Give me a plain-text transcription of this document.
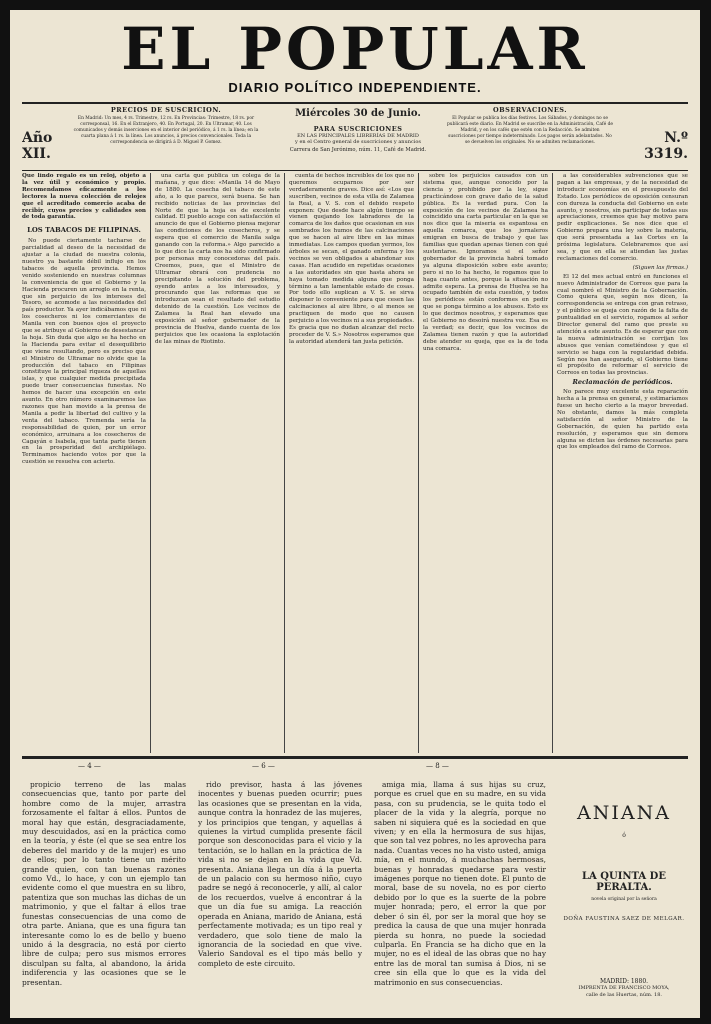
EL POPULAR
DIARIO POLÍTICO INDEPENDIENTE.
Año XII.
PRECIOS DE SUSCRICION.
En Madrid: Un mes, 4 rs. Trimestre, 12 rs. En Provincias: Trimestre, 18 rs. por corresponsal, 16. En el Extranjero, 40. En Portugal, 20. En Ultramar, 40. Los comunicados y demás inserciones en el interior del periódico, á 1 rs. la línea; en la cuarta plana á 1 rs. la línea. Los anuncios, á precios convencionales. Toda la correspondencia se dirigirá á D. Miguel P. Gomez.
Miércoles 30 de Junio.
PARA SUSCRICIONES
EN LAS PRINCIPALES LIBRERÍAS DE MADRID
y en el Centro general de suscriciones y anuncios
Carrera de San Jerónimo, núm. 11, Café de Madrid.
OBSERVACIONES.
El Popular se publica los días festivos. Los Sábados, y domingos no se publicará este diario. En Madrid se suscribe en la Administración, Café de Madrid, y en los cafés que estén con la Redacción. Se admiten suscriciones por tiempo indeterminado. Los pagos serán adelantados. No se devuelven los originales. No se admiten reclamaciones.	N.º 3319.

Que lindo regalo es un reloj, objeto a la vez útil y económico y propio. Recomendamos eficazmente a los lectores la nueva colección de relojes que el acreditado comercio acaba de recibir, cuyos precios y calidades son de toda garantía.

LOS TABACOS DE FILIPINAS.

No puede ciertamente tacharse de parcialidad al deseo de la necesidad de ajustar a la ciudad de nuestra colonia, nuestro ya bastante débil influjo en los tabacos de aquella provincia. Hemos venido sosteniendo en nuestras columnas la conveniencia de que el Gobierno y la Hacienda procuren un arreglo en la renta, que sin perjuicio de los intereses del Tesoro, se acomode a las necesidades del país productor. Ya ayer indicábamos que ni los cosecheros ni los comerciantes de Manila ven con buenos ojos el proyecto que se atribuye al Gobierno de desestancar la hoja. Sin duda que algo se ha hecho en la Hacienda para evitar el desequilibrio que viene resultando, pero es preciso que el Ministro de Ultramar no olvide que la producción del tabaco en Filipinas constituye la principal riqueza de aquellas islas, y que cualquier medida precipitada puede traer consecuencias funestas. No hemos de hacer una excepción en este asunto. En otro número examinaremos las razones que han movido a la prensa de Manila a pedir la libertad del cultivo y la venta del tabaco. Tremenda sería la responsabilidad de quien, por un error económico, arruinara a los cosecheros de Cagayán e Isabela, que tanta parte tienen en la prosperidad del archipiélago. Terminamos haciendo votos por que la cuestión se resuelva con acierto.

una carta que publica un colega de la mañana, y que dice: «Manila 14 de Mayo de 1880. La cosecha del tabaco de este año, a lo que parece, será buena. Se han recibido noticias de las provincias del Norte de que la hoja es de excelente calidad. El pueblo acoge con satisfacción el anuncio de que el Gobierno piensa mejorar las condiciones de los cosecheros, y se espera que el comercio de Manila salga ganando con la reforma.» Algo parecido a lo que dice la carta nos ha sido confirmado por personas muy conocedoras del país. Creemos, pues, que el Ministro de Ultramar obrará con prudencia no precipitando la solución del problema, oyendo antes a los interesados, y procurando que las reformas que se introduzcan sean el resultado del estudio detenido de la cuestión. Los vecinos de Zalamea la Real han elevado una exposición al señor gobernador de la provincia de Huelva, dando cuenta de los perjuicios que les ocasiona la explotación de las minas de Riotinto.

cuenta de hechos increíbles de los que no queremos ocuparnos por ser verdaderamente graves. Dice así: «Los que suscriben, vecinos de esta villa de Zalamea la Real, a V. S. con el debido respeto exponen: Que desde hace algún tiempo se vienen quejando los labradores de la comarca de los daños que ocasionan en sus sembrados los humos de las calcinaciones que se hacen al aire libre en las minas inmediatas. Los campos quedan yermos, los árboles se secan, el ganado enferma y los vecinos se ven obligados a abandonar sus casas. Han acudido en repetidas ocasiones a las autoridades sin que hasta ahora se haya tomado medida alguna que ponga término a tan lamentable estado de cosas. Por todo ello suplican a V. S. se sirva disponer lo conveniente para que cesen las calcinaciones al aire libre, o al menos se practiquen de modo que no causen perjuicio a los vecinos ni a sus propiedades. Es gracia que no dudan alcanzar del recto proceder de V. S.» Nosotros esperamos que la autoridad atenderá tan justa petición.

sobre los perjuicios causados con un sistema que, aunque conocido por la ciencia y prohibido por la ley, sigue practicándose con grave daño de la salud pública. Es la verdad pura. Con la exposición de los vecinos de Zalamea ha coincidido una carta particular en la que se nos dice que la miseria es espantosa en aquella comarca, que los jornaleros emigran en busca de trabajo y que las familias que quedan apenas tienen con qué sustentarse. Ignoramos si el señor gobernador de la provincia habrá tomado ya alguna disposición sobre este asunto; pero si no lo ha hecho, le rogamos que lo haga cuanto antes, porque la situación no admite espera. La prensa de Huelva se ha ocupado también de esta cuestión, y todos los periódicos están conformes en pedir que se ponga término a los abusos. Esto es lo que decimos nosotros, y esperamos que el Gobierno no desoirá nuestra voz. Esa es la verdad; es decir, que los vecinos de Zalamea tienen razón y que la autoridad debe atender su queja, que es la de toda una comarca.

a las considerables subvenciones que se pagan a las empresas, y de la necesidad de introducir economías en el presupuesto del Estado. Los periódicos de oposición censuran con dureza la conducta del Gobierno en este asunto, y nosotros, sin participar de todas sus apreciaciones, creemos que hay motivo para pedir explicaciones. Se nos dice que el Gobierno prepara una ley sobre la materia, que será presentada a las Cortes en la próxima legislatura. Celebraremos que así sea, y que en ella se atiendan las justas reclamaciones del comercio.

(Siguen las firmas.)

El 12 del mes actual entró en funciones el nuevo Administrador de Correos que para la cual nombró el Ministro de la Gobernación. Como quiera que, según nos dicen, la correspondencia se entrega con gran retraso, y el público se queja con razón de la falta de puntualidad en el servicio, rogamos al señor Director general del ramo que preste su atención a este asunto. Es de esperar que con la nueva administración se corrijan los abusos que venían cometiéndose y que el servicio se haga con la regularidad debida. Según nos han asegurado, el Gobierno tiene el propósito de reformar el servicio de Correos en todas las provincias.

Reclamación de periódicos.

No parece muy excelente esta reparación hecha a la prensa en general, y estimaríamos fuese un hecho cierto a la mayor brevedad. No obstante, damos la más completa satisfacción al señor Ministro de la Gobernación, de quien ha partido esta resolución, y esperamos que sin demora alguna se dicten las órdenes necesarias para que los empleados del ramo de Correos.

— 4 —	— 6 —	— 8 —

propicio terreno de las malas consecuencias que, tanto por parte del hombre como de la mujer, arrastra forzosamente el faltar á ellos. Puntos de moral hay que están, desgraciadamente, muy descuidados, así en la práctica como en la teoría, y éste (el que se sea entre los deberes del marido y de la mujer) es uno de ellos; por lo tanto tiene un mérito grande quien, con tan buenas razones como Vd., lo hace, y con un ejemplo tan evidente como el que muestra en su libro, patentiza que son muchas las dichas de un matrimonio, y que el faltar á ellos trae funestas consecuencias de una como de otra parte. Aniana, que es una figura tan interesante como lo es de bello y bueno unido á la desgracia, no está por cierto libre de culpa; pero sus mismos errores disculpan su falta, al abandono, la árida indiferencia y las ocasiones que se le presentan.

rido previsor, hasta á las jóvenes inocentes y buenas pueden ocurrir; pues las ocasiones que se presentan en la vida, aunque contra la honradez de las mujeres, y los principios que tengan, y aquellas á quienes la virtud cumplida presente fácil porque son desconocidas para el vicio y la tentación, se lo hallan en la práctica de la vida si no se dejan en la vida que Vd. presenta. Aniana llega un día á la puerta de un palacio con su hermoso niño, cuyo padre se negó á reconocerle, y allí, al calor de los recuerdos, vuelve á encontrar á la que un día fue su amiga. La reacción operada en Aniana, marido de Aniana, está perfectamente motivada; es un tipo real y verdadero, que solo tiene de malo la ignorancia de la sociedad en que vive. Valerio Sandoval es el tipo más bello y completo de este circuito.

amiga mia, llama á sus hijas su cruz, porque es cruel que en su madre, en su vida pasa, con su prudencia, se le quita todo el placer de la vida y la alegría, porque no saben ni siquiera qué es la sociedad en que viven; y en ella la hermosura de sus hijas, que son tal vez pobres, no les aprovecha para nada. Cuantas veces no ha visto usted, amiga mía, en el mundo, á muchachas hermosas, buenas y honradas quedarse para vestir imágenes porque no tienen dote. El punto de moral, base de su novela, no es por cierto debido por lo que es la suerte de la pobre mujer honrada; pero, el error la que por deber ó sin él, por ser la moral que hoy se predica la causa de que una mujer honrada pierda su honra, no puede la sociedad culparla. En Francia se ha dicho que en la mujer, no es el ideal de las obras que no hay entre las de moral tan sumisa á Dios, ni se cree sin ella que lo que es la vida del matrimonio en sus consecuencias.

ANIANA
ó
LA QUINTA DE PERALTA.
novela original por la señora
DOÑA FAUSTINA SAEZ DE MELGAR.
MADRID: 1880.
IMPRENTA DE FRANCISCO MOYA,
calle de las Huertas, núm. 18.
